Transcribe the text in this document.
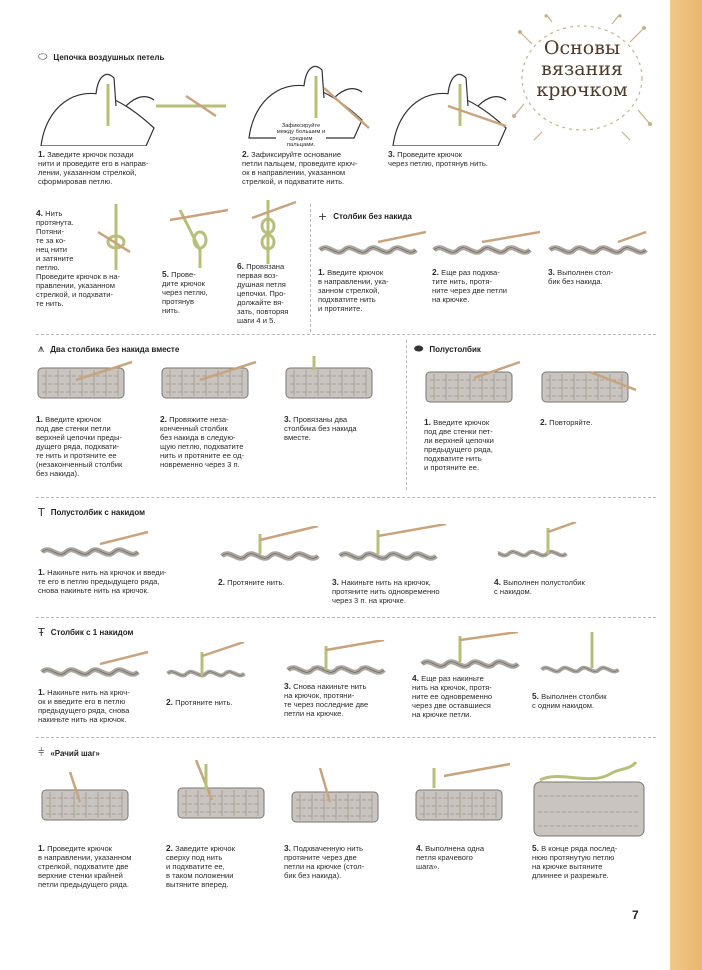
Основы
вязания
крючком
⬭ Цепочка воздушных петель
Зафиксируйте между большим и средним пальцами.
1. Заведите крючок позади
нити и проведите его в направ-
лении, указанном стрелкой,
сформировав петлю.
2. Зафиксируйте основание
петли пальцем, проведите крюч-
ок в направлении, указанном
стрелкой, и подхватите нить.
3. Проведите крючок
через петлю, протянув нить.
4. Нить
протянута.
Потяни-
те за ко-
нец нити
и затяните
петлю.
Проведите крючок в на-
правлении, указанном
стрелкой, и подхвати-
те нить.
5. Прове-
дите крючок
через петлю,
протянув
нить.
6. Провязана
первая воз-
душная петля
цепочки. Про-
должайте вя-
зать, повторяя
шаги 4 и 5.
+ Столбик без накида
1. Введите крючок
в направлении, ука-
занном стрелкой,
подхватите нить
и протяните.
2. Еще раз подхва-
тите нить, протя-
ните через две петли
на крючке.
3. Выполнен стол-
бик без накида.
⩚ Два столбика без накида вместе
1. Введите крючок
под две стенки петли
верхней цепочки преды-
дущего ряда, подхвати-
те нить и протяните ее
(незаконченный столбик
без накида).
2. Провяжите неза-
конченный столбик
без накида в следую-
щую петлю, подхватите
нить и протяните ее од-
новременно через 3 п.
3. Провязаны два
столбика без накида
вместе.
⬬ Полустолбик
1. Введите крючок
под две стенки пет-
ли верхней цепочки
предыдущего ряда,
подхватите нить
и протяните ее.
2. Повторяйте.
T Полустолбик с накидом
1. Накиньте нить на крючок и введи-
те его в петлю предыдущего ряда,
снова накиньте нить на крючок.
2. Протяните нить.	3. Накиньте нить на крючок,
протяните нить одновременно
через 3 п. на крючке.
4. Выполнен полустолбик
с накидом.
Ŧ Столбик с 1 накидом
1. Накиньте нить на крюч-
ок и введите его в петлю
предыдущего ряда, снова
накиньте нить на крючок.
2. Протяните нить.
3. Снова накиньте нить
на крючок, протяни-
те через последние две
петли на крючке.
4. Еще раз накиньте
нить на крючок, протя-
ните ее одновременно
через две оставшиеся
на крючке петли.
5. Выполнен столбик
с одним накидом.
⫩ «Рачий шаг»
1. Проведите крючок
в направлении, указанном
стрелкой, подхватите две
верхние стенки крайней
петли предыдущего ряда.
2. Заведите крючок
сверху под нить
и подхватите ее,
в таком положении
вытяните вперед.
3. Подхваченную нить
протяните через две
петли на крючке (стол-
бик без накида).
4. Выполнена одна
петля крачевого
шага».
5. В конце ряда послед-
нюю протянутую петлю
на крючке вытяните
длиннее и разрежьте.
7
